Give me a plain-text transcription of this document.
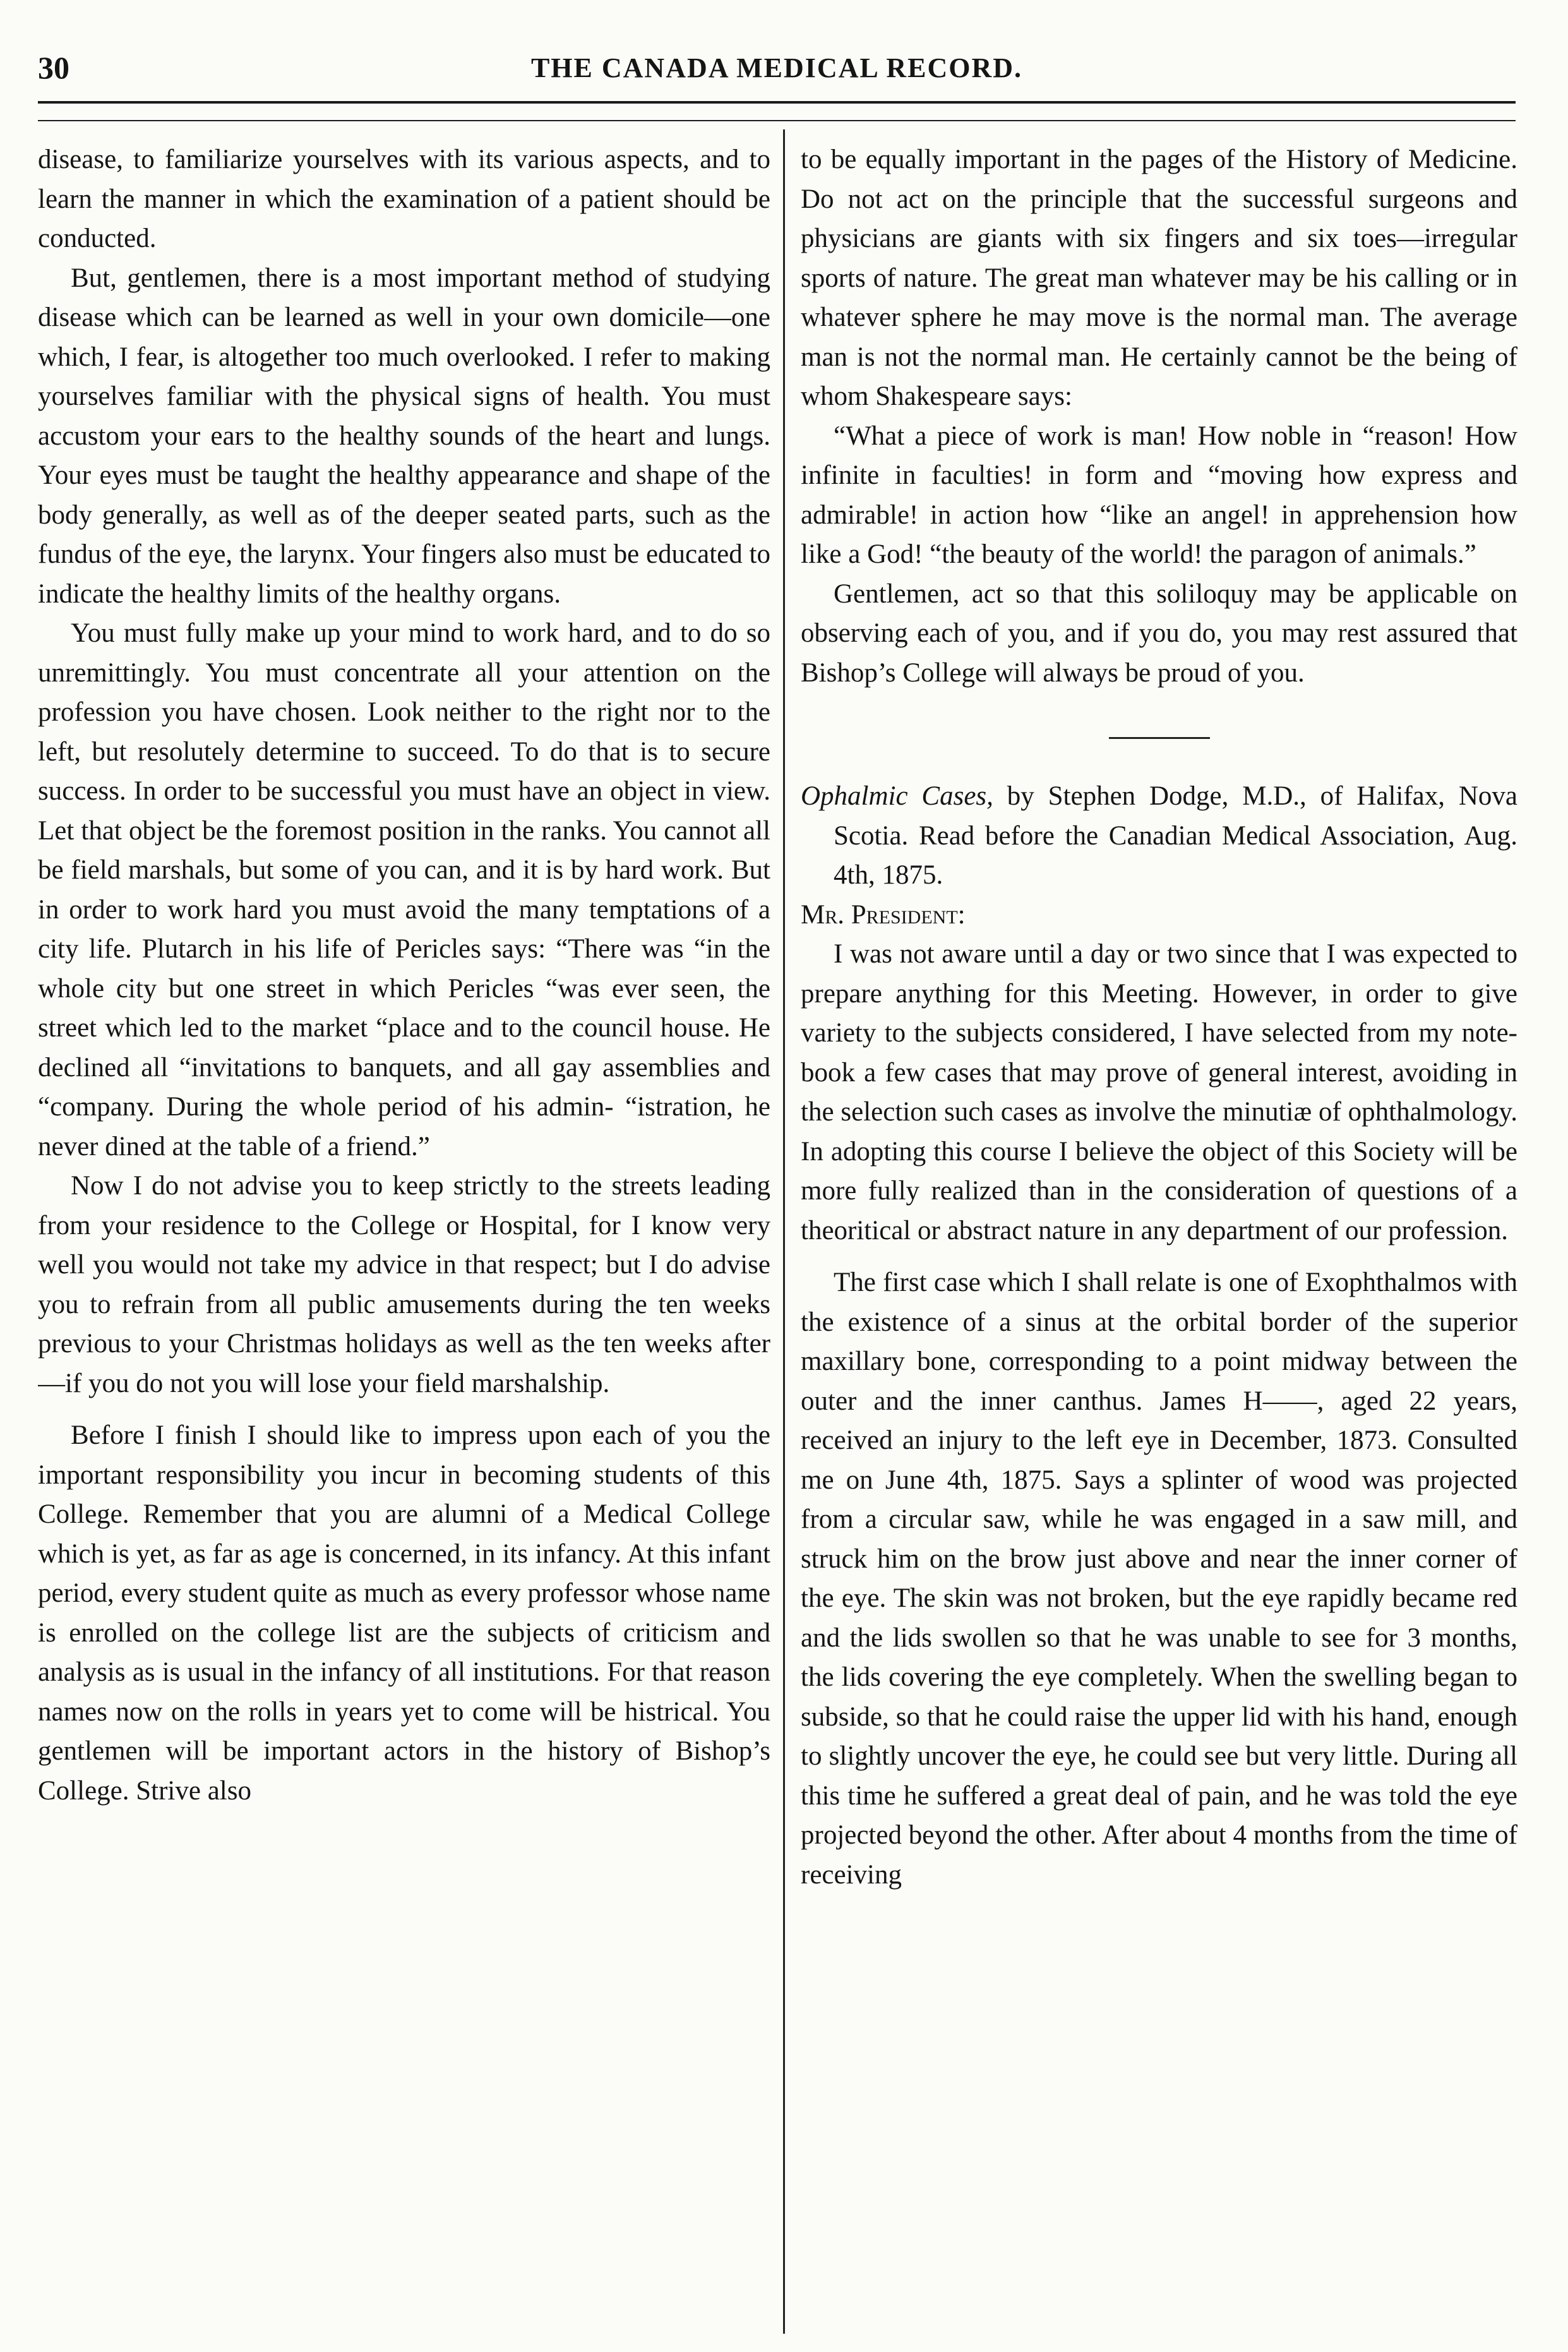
30	THE CANADA MEDICAL RECORD.

disease, to familiarize yourselves with its various aspects, and to learn the manner in which the examination of a patient should be conducted.

But, gentlemen, there is a most important method of studying disease which can be learned as well in your own domicile—one which, I fear, is altogether too much overlooked. I refer to making yourselves familiar with the physical signs of health. You must accustom your ears to the healthy sounds of the heart and lungs. Your eyes must be taught the healthy appearance and shape of the body generally, as well as of the deeper seated parts, such as the fundus of the eye, the larynx. Your fingers also must be educated to indicate the healthy limits of the healthy organs.

You must fully make up your mind to work hard, and to do so unremittingly. You must concentrate all your attention on the profession you have chosen. Look neither to the right nor to the left, but resolutely determine to succeed. To do that is to secure success. In order to be successful you must have an object in view. Let that object be the foremost position in the ranks. You cannot all be field marshals, but some of you can, and it is by hard work. But in order to work hard you must avoid the many temptations of a city life. Plutarch in his life of Pericles says: “There was “in the whole city but one street in which Pericles “was ever seen, the street which led to the market “place and to the council house. He declined all “invitations to banquets, and all gay assemblies and “company. During the whole period of his admin- “istration, he never dined at the table of a friend.”

Now I do not advise you to keep strictly to the streets leading from your residence to the College or Hospital, for I know very well you would not take my advice in that respect; but I do advise you to refrain from all public amusements during the ten weeks previous to your Christmas holidays as well as the ten weeks after—if you do not you will lose your field marshalship.

Before I finish I should like to impress upon each of you the important responsibility you incur in becoming students of this College. Remember that you are alumni of a Medical College which is yet, as far as age is concerned, in its infancy. At this infant period, every student quite as much as every professor whose name is enrolled on the college list are the subjects of criticism and analysis as is usual in the infancy of all institutions. For that reason names now on the rolls in years yet to come will be histrical. You gentlemen will be important actors in the history of Bishop’s College. Strive also

to be equally important in the pages of the History of Medicine. Do not act on the principle that the successful surgeons and physicians are giants with six fingers and six toes—irregular sports of nature. The great man whatever may be his calling or in whatever sphere he may move is the normal man. The average man is not the normal man. He certainly cannot be the being of whom Shakespeare says:

“What a piece of work is man! How noble in “reason! How infinite in faculties! in form and “moving how express and admirable! in action how “like an angel! in apprehension how like a God! “the beauty of the world! the paragon of animals.”

Gentlemen, act so that this soliloquy may be applicable on observing each of you, and if you do, you may rest assured that Bishop’s College will always be proud of you.

Ophalmic Cases, by Stephen Dodge, M.D., of Halifax, Nova Scotia. Read before the Canadian Medical Association, Aug. 4th, 1875.

Mr. President:

I was not aware until a day or two since that I was expected to prepare anything for this Meeting. However, in order to give variety to the subjects considered, I have selected from my note-book a few cases that may prove of general interest, avoiding in the selection such cases as involve the minutiæ of ophthalmology. In adopting this course I believe the object of this Society will be more fully realized than in the consideration of questions of a theoritical or abstract nature in any department of our profession.

The first case which I shall relate is one of Exophthalmos with the existence of a sinus at the orbital border of the superior maxillary bone, corresponding to a point midway between the outer and the inner canthus. James H——, aged 22 years, received an injury to the left eye in December, 1873. Consulted me on June 4th, 1875. Says a splinter of wood was projected from a circular saw, while he was engaged in a saw mill, and struck him on the brow just above and near the inner corner of the eye. The skin was not broken, but the eye rapidly became red and the lids swollen so that he was unable to see for 3 months, the lids covering the eye completely. When the swelling began to subside, so that he could raise the upper lid with his hand, enough to slightly uncover the eye, he could see but very little. During all this time he suffered a great deal of pain, and he was told the eye projected beyond the other. After about 4 months from the time of receiving
